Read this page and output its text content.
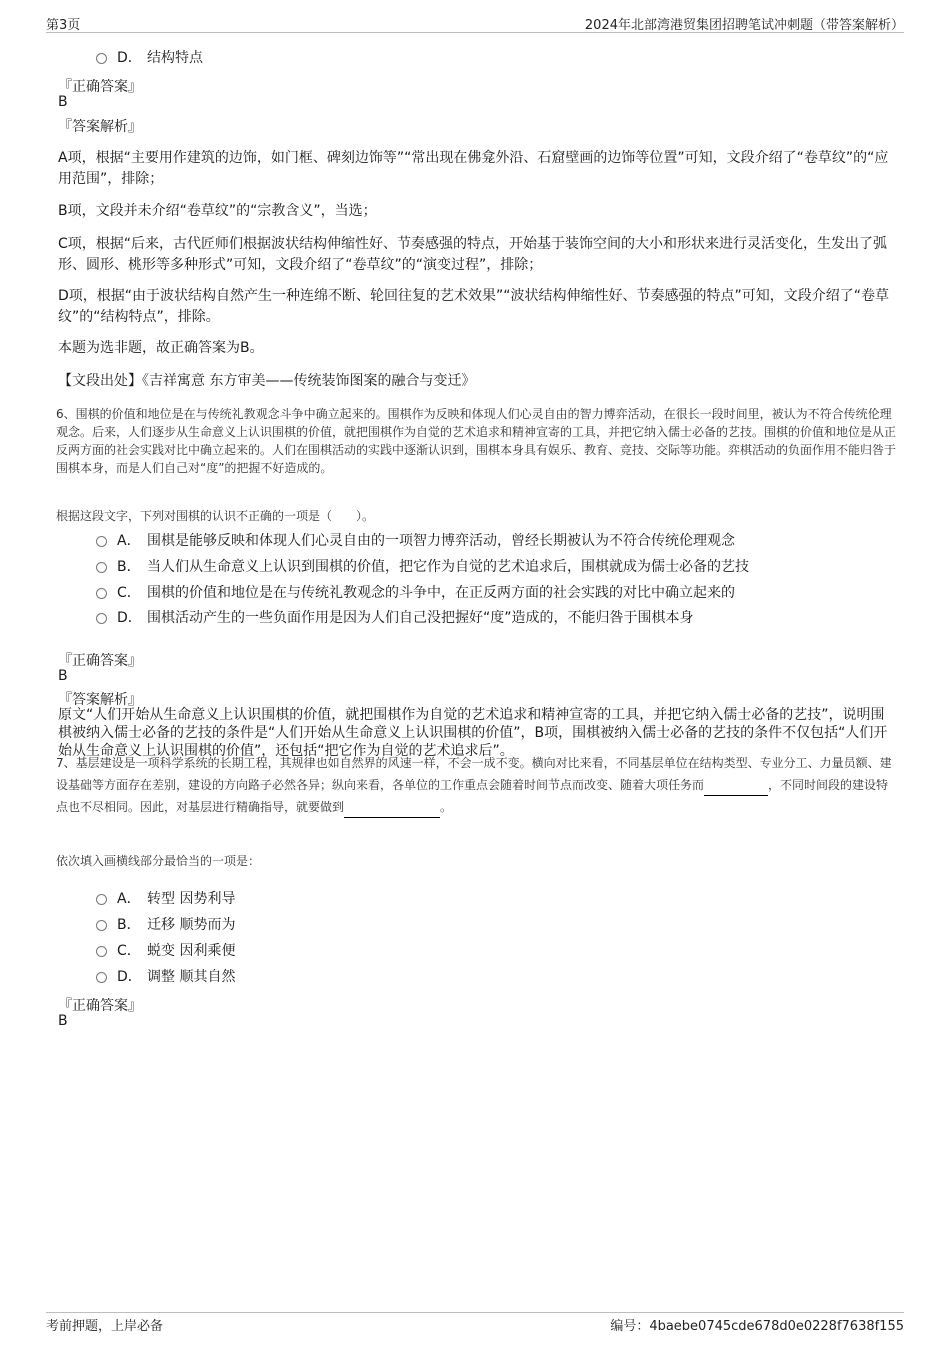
第3页	2024年北部湾港贸集团招聘笔试冲刺题（带答案解析）
D． 结构特点
『正确答案』
B
『答案解析』
A项，根据“主要用作建筑的边饰，如门框、碑刻边饰等”“常出现在佛龛外沿、石窟壁画的边饰等位置”可知，文段介绍了“卷草纹”的“应用范围”，排除；
B项，文段并未介绍“卷草纹”的“宗教含义”，当选；
C项，根据“后来，古代匠师们根据波状结构伸缩性好、节奏感强的特点，开始基于装饰空间的大小和形状来进行灵活变化，生发出了弧形、圆形、桃形等多种形式”可知，文段介绍了“卷草纹”的“演变过程”，排除；
D项，根据“由于波状结构自然产生一种连绵不断、轮回往复的艺术效果”“波状结构伸缩性好、节奏感强的特点”可知，文段介绍了“卷草纹”的“结构特点”，排除。
本题为选非题，故正确答案为B。
【文段出处】《吉祥寓意 东方审美——传统装饰图案的融合与变迁》
6、围棋的价值和地位是在与传统礼教观念斗争中确立起来的。围棋作为反映和体现人们心灵自由的智力博弈活动，在很长一段时间里，被认为不符合传统伦理观念。后来，人们逐步从生命意义上认识围棋的价值，就把围棋作为自觉的艺术追求和精神宣寄的工具，并把它纳入儒士必备的艺技。围棋的价值和地位是从正反两方面的社会实践对比中确立起来的。人们在围棋活动的实践中逐渐认识到，围棋本身具有娱乐、教育、竞技、交际等功能。弈棋活动的负面作用不能归咎于围棋本身，而是人们自己对“度”的把握不好造成的。
根据这段文字，下列对围棋的认识不正确的一项是（　　）。
A． 围棋是能够反映和体现人们心灵自由的一项智力博弈活动，曾经长期被认为不符合传统伦理观念
B． 当人们从生命意义上认识到围棋的价值，把它作为自觉的艺术追求后，围棋就成为儒士必备的艺技
C． 围棋的价值和地位是在与传统礼教观念的斗争中，在正反两方面的社会实践的对比中确立起来的
D． 围棋活动产生的一些负面作用是因为人们自己没把握好“度”造成的，不能归咎于围棋本身
『正确答案』
B
『答案解析』
原文“人们开始从生命意义上认识围棋的价值，就把围棋作为自觉的艺术追求和精神宣寄的工具，并把它纳入儒士必备的艺技”，说明围棋被纳入儒士必备的艺技的条件是“人们开始从生命意义上认识围棋的价值”，B项，围棋被纳入儒士必备的艺技的条件不仅包括“人们开始从生命意义上认识围棋的价值”，还包括“把它作为自觉的艺术追求后”。
7、基层建设是一项科学系统的长期工程，其规律也如自然界的风速一样，不会一成不变。横向对比来看，不同基层单位在结构类型、专业分工、力量员额、建设基础等方面存在差别，建设的方向路子必然各异；纵向来看，各单位的工作重点会随着时间节点而改变、随着大项任务而	，不同时间段的建设特点也不尽相同。因此，对基层进行精确指导，就要做到	。
依次填入画横线部分最恰当的一项是：
A． 转型 因势利导
B． 迁移 顺势而为
C． 蜕变 因利乘便
D． 调整 顺其自然
『正确答案』
B
考前押题，上岸必备	编号：4baebe0745cde678d0e0228f7638f155
